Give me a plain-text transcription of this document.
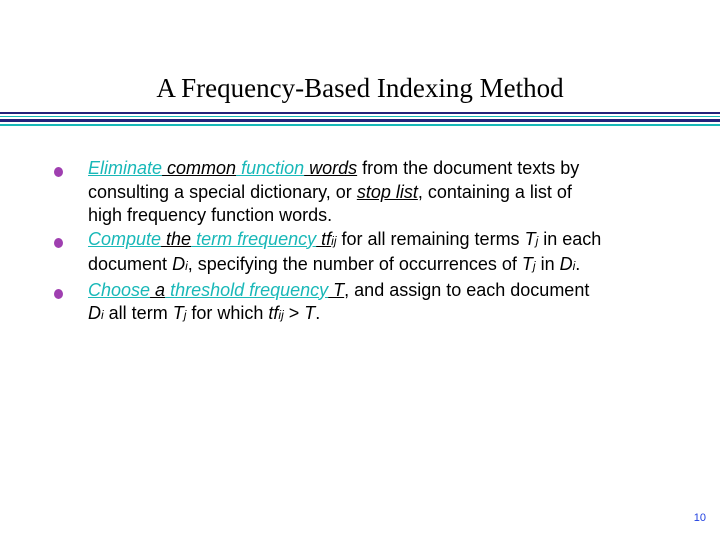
A Frequency-Based Indexing Method
Eliminate common function words from the document texts by
consulting a special dictionary, or stop list, containing a list of
high frequency function words.
Compute the term frequency tfij for all remaining terms Tj in each
document Di, specifying the number of occurrences of Tj in Di.
Choose a threshold frequency T, and assign to each document
Di all term Tj for which tfij > T.
10
